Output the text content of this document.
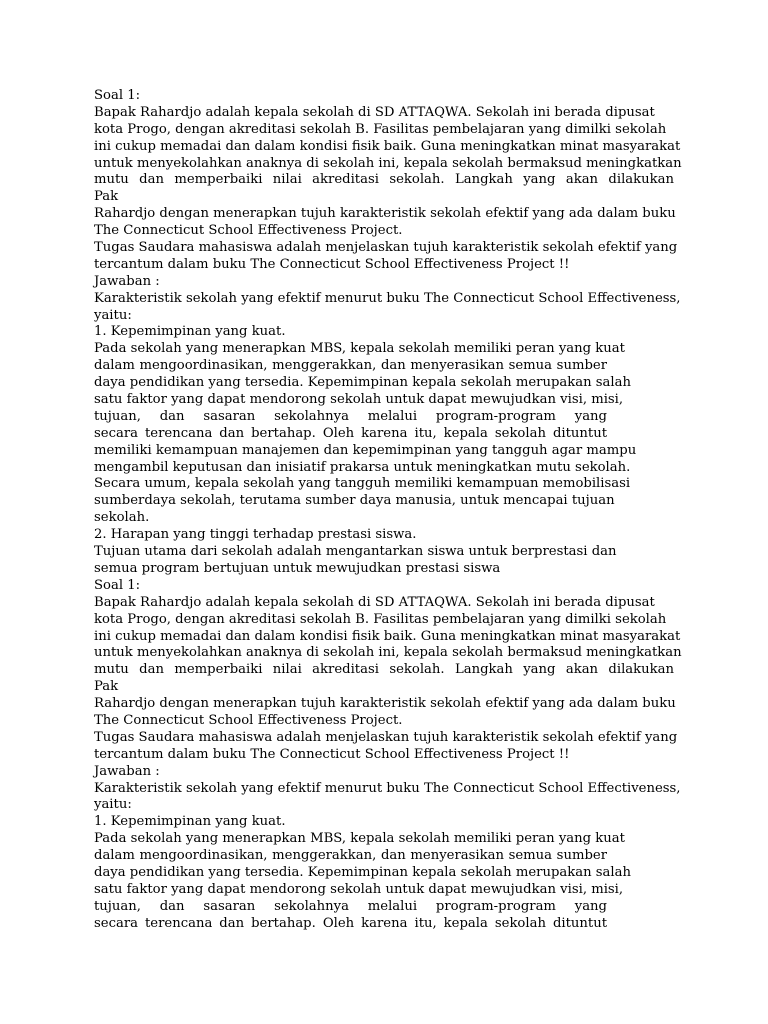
Soal 1:
Bapak Rahardjo adalah kepala sekolah di SD ATTAQWA. Sekolah ini berada dipusat
kota Progo, dengan akreditasi sekolah B. Fasilitas pembelajaran yang dimilki sekolah
ini cukup memadai dan dalam kondisi fisik baik. Guna meningkatkan minat masyarakat
untuk menyekolahkan anaknya di sekolah ini, kepala sekolah bermaksud meningkatkan
mutu dan memperbaiki nilai akreditasi sekolah. Langkah yang akan dilakukan
Pak
Rahardjo dengan menerapkan tujuh karakteristik sekolah efektif yang ada dalam buku
The Connecticut School Effectiveness Project.
Tugas Saudara mahasiswa adalah menjelaskan tujuh karakteristik sekolah efektif yang
tercantum dalam buku The Connecticut School Effectiveness Project !!
Jawaban :
Karakteristik sekolah yang efektif menurut buku The Connecticut School Effectiveness,
yaitu:
1. Kepemimpinan yang kuat.
Pada sekolah yang menerapkan MBS, kepala sekolah memiliki peran yang kuat
dalam mengoordinasikan, menggerakkan, dan menyerasikan semua sumber
daya pendidikan yang tersedia. Kepemimpinan kepala sekolah merupakan salah
satu faktor yang dapat mendorong sekolah untuk dapat mewujudkan visi, misi,
tujuan, dan sasaran sekolahnya melalui program-program yang
secara terencana dan bertahap. Oleh karena itu, kepala sekolah dituntut
memiliki kemampuan manajemen dan kepemimpinan yang tangguh agar mampu
mengambil keputusan dan inisiatif prakarsa untuk meningkatkan mutu sekolah.
Secara umum, kepala sekolah yang tangguh memiliki kemampuan memobilisasi
sumberdaya sekolah, terutama sumber daya manusia, untuk mencapai tujuan
sekolah.
2. Harapan yang tinggi terhadap prestasi siswa.
Tujuan utama dari sekolah adalah mengantarkan siswa untuk berprestasi dan
semua program bertujuan untuk mewujudkan prestasi siswa
Soal 1:
Bapak Rahardjo adalah kepala sekolah di SD ATTAQWA. Sekolah ini berada dipusat
kota Progo, dengan akreditasi sekolah B. Fasilitas pembelajaran yang dimilki sekolah
ini cukup memadai dan dalam kondisi fisik baik. Guna meningkatkan minat masyarakat
untuk menyekolahkan anaknya di sekolah ini, kepala sekolah bermaksud meningkatkan
mutu dan memperbaiki nilai akreditasi sekolah. Langkah yang akan dilakukan
Pak
Rahardjo dengan menerapkan tujuh karakteristik sekolah efektif yang ada dalam buku
The Connecticut School Effectiveness Project.
Tugas Saudara mahasiswa adalah menjelaskan tujuh karakteristik sekolah efektif yang
tercantum dalam buku The Connecticut School Effectiveness Project !!
Jawaban :
Karakteristik sekolah yang efektif menurut buku The Connecticut School Effectiveness,
yaitu:
1. Kepemimpinan yang kuat.
Pada sekolah yang menerapkan MBS, kepala sekolah memiliki peran yang kuat
dalam mengoordinasikan, menggerakkan, dan menyerasikan semua sumber
daya pendidikan yang tersedia. Kepemimpinan kepala sekolah merupakan salah
satu faktor yang dapat mendorong sekolah untuk dapat mewujudkan visi, misi,
tujuan, dan sasaran sekolahnya melalui program-program yang
secara terencana dan bertahap. Oleh karena itu, kepala sekolah dituntut
